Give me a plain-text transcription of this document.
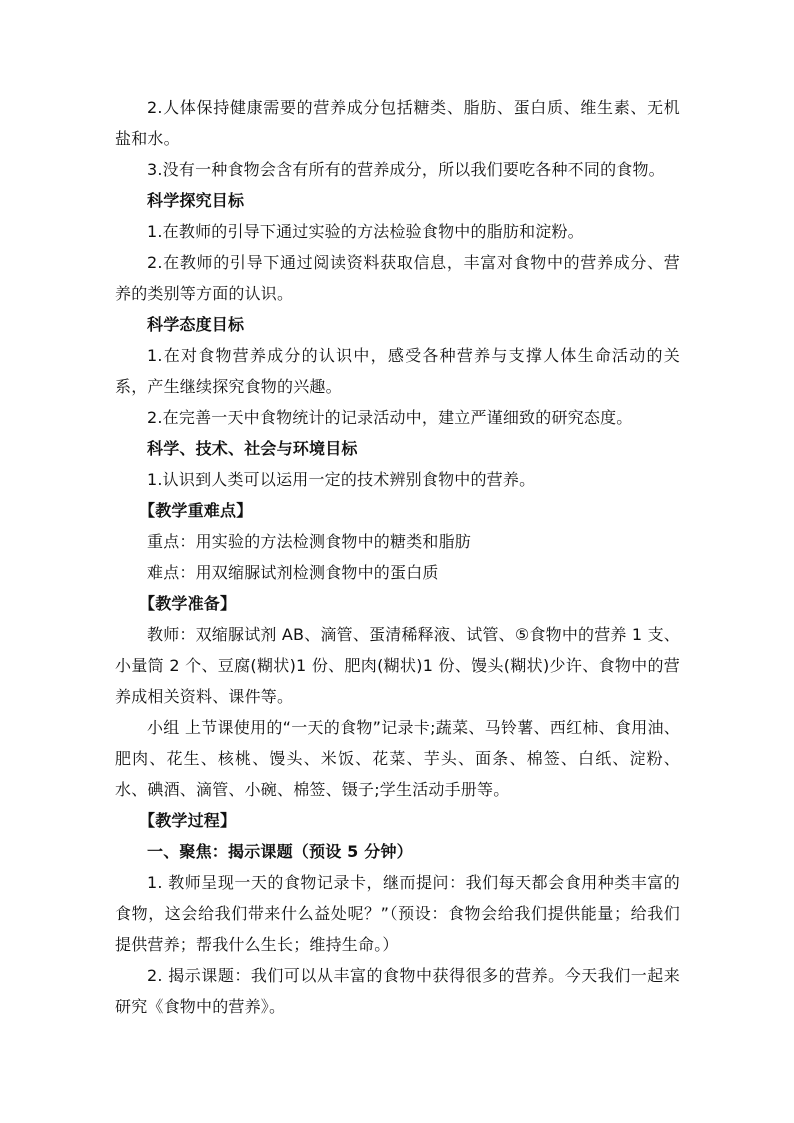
2.人体保持健康需要的营养成分包括糖类、脂肪、蛋白质、维生素、无机盐和水。

3.没有一种食物会含有所有的营养成分，所以我们要吃各种不同的食物。

科学探究目标

1.在教师的引导下通过实验的方法检验食物中的脂肪和淀粉。

2.在教师的引导下通过阅读资料获取信息，丰富对食物中的营养成分、营养的类别等方面的认识。

科学态度目标

1.在对食物营养成分的认识中，感受各种营养与支撑人体生命活动的关系，产生继续探究食物的兴趣。

2.在完善一天中食物统计的记录活动中，建立严谨细致的研究态度。

科学、技术、社会与环境目标

1.认识到人类可以运用一定的技术辨别食物中的营养。

【教学重难点】

重点：用实验的方法检测食物中的糖类和脂肪

难点：用双缩脲试剂检测食物中的蛋白质

【教学准备】

教师：双缩脲试剂 AB、滴管、蛋清稀释液、试管、⑤食物中的营养 1 支、小量筒 2 个、豆腐(糊状)1 份、肥肉(糊状)1 份、馒头(糊状)少许、食物中的营养成相关资料、课件等。

小组 上节课使用的“一天的食物”记录卡;蔬菜、马铃薯、西红柿、食用油、肥肉、花生、核桃、馒头、米饭、花菜、芋头、面条、棉签、白纸、淀粉、水、碘酒、滴管、小碗、棉签、镊子;学生活动手册等。

【教学过程】

一、聚焦：揭示课题（预设 5 分钟）

1. 教师呈现一天的食物记录卡，继而提问：我们每天都会食用种类丰富的食物，这会给我们带来什么益处呢？”（预设：食物会给我们提供能量；给我们提供营养；帮我什么生长；维持生命。）

2. 揭示课题：我们可以从丰富的食物中获得很多的营养。今天我们一起来研究《食物中的营养》。
